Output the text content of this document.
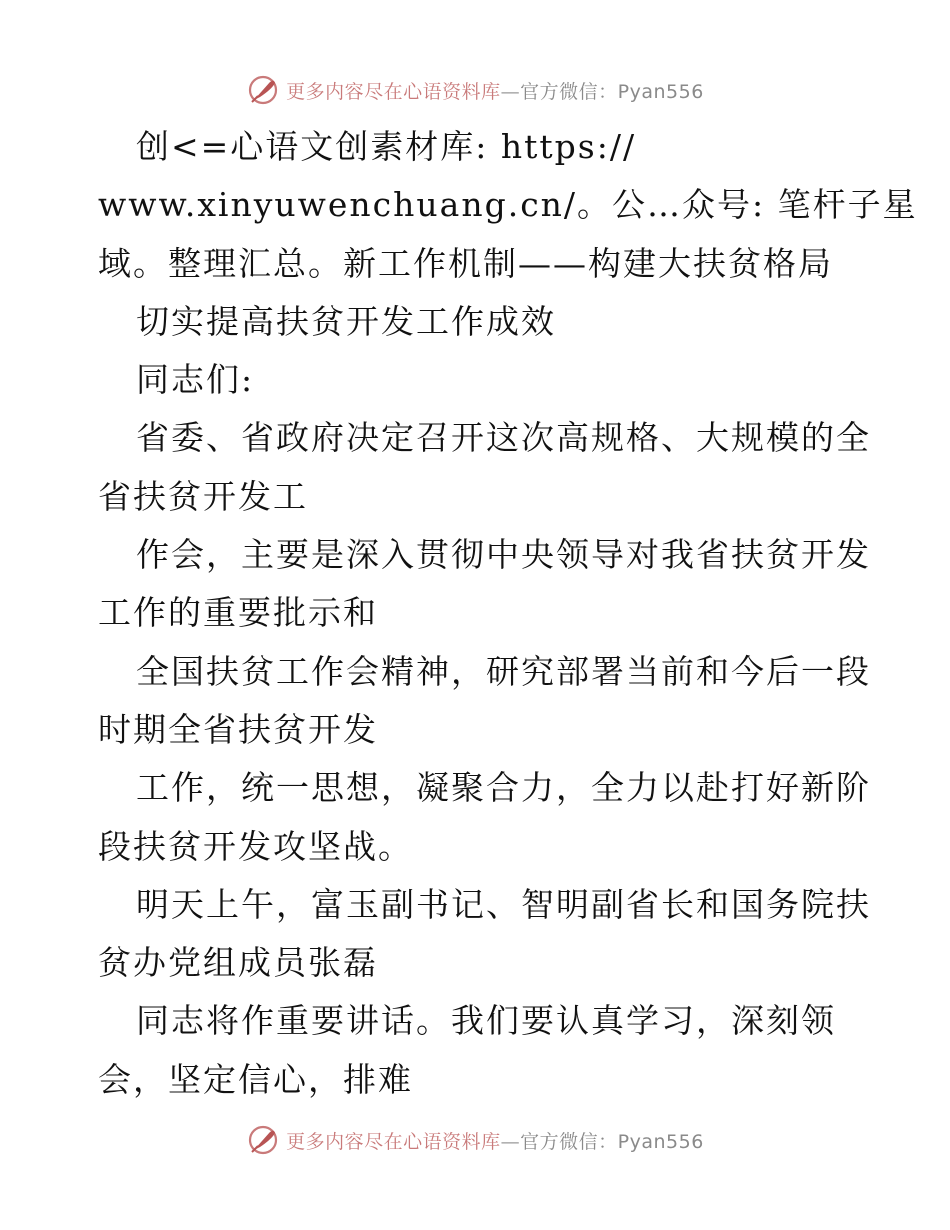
更多内容尽在心语资料库—官方微信：Pyan556
创<=心语文创素材库: https://
www.xinyuwenchuang.cn/。公…众号: 笔杆子星
域。整理汇总。新工作机制——构建大扶贫格局
切实提高扶贫开发工作成效
同志们:
省委、省政府决定召开这次高规格、大规模的全
省扶贫开发工
作会，主要是深入贯彻中央领导对我省扶贫开发
工作的重要批示和
全国扶贫工作会精神，研究部署当前和今后一段
时期全省扶贫开发
工作，统一思想，凝聚合力，全力以赴打好新阶
段扶贫开发攻坚战。
明天上午，富玉副书记、智明副省长和国务院扶
贫办党组成员张磊
同志将作重要讲话。我们要认真学习，深刻领
会，坚定信心，排难
更多内容尽在心语资料库—官方微信：Pyan556
